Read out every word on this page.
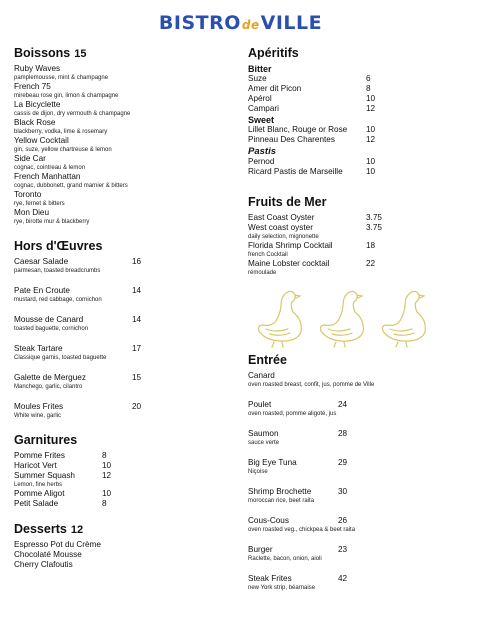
BISTROdeVILLE
Boissons 15
Ruby Waves
pamplemousse, mint & champagne
French 75
mirebeau rose gin, limon & champagne
La Bicyclette
cassis de dijon, dry vermouth & champagne
Black Rose
blackberry, vodka, lime & rosemary
Yellow Cocktail
gin, suze, yellow chartreuse & lemon
Side Car
cognac, cointreau & lemon
French Manhattan
cognac, dubbonett, grand marnier & bitters
Toronto
rye, fernet & bitters
Mon Dieu
rye, birotte mur & blackberry
Hors d'Œuvres
Caesar Salade	16
parmesan, toasted breadcrumbs
Pate En Croute	14
mustard, red cabbage, cornichon
Mousse de Canard	14
toasted baguette, cornichon
Steak Tartare	17
Classique garnis, toasted baguette
Galette de Merguez	15
Manchego, garlic, cilantro
Moules Frites	20
White wine, garlic
Garnitures
Pomme Frites	8
Haricot Vert	10
Summer Squash	12
Lemon, fine herbs
Pomme Aligot	10
Petit Salade	8
Desserts 12
Espresso Pot du Crème
Chocolaté Mousse
Cherry Clafoutis
Apéritifs
Bitter
Suze	6
Amer dit Picon	8
Apérol	10
Campari	12
Sweet
Lillet Blanc, Rouge or Rose	10
Pinneau Des Charentes	12
Pastis
Pernod	10
Ricard Pastis de Marseille	10
Fruits de Mer
East Coast Oyster	3.75
West coast oyster	3.75
daily selection, mignonette
Florida Shrimp Cocktail	18
french Cocktail
Maine Lobster cocktail	22
rémoulade
Entrée
Canard
oven roasted breast, confit, jus, pomme de Ville
Poulet	24
oven roasted, pomme aligoté, jus
Saumon	28
sauce verte
Big Eye Tuna	29
Niçoise
Shrimp Brochette	30
moroccan rice, beet raita
Cous-Cous	26
oven roasted veg., chickpea & beet raita
Burger	23
Raclette, bacon, onion, aioli
Steak Frites	42
new York strip, béarnaise
